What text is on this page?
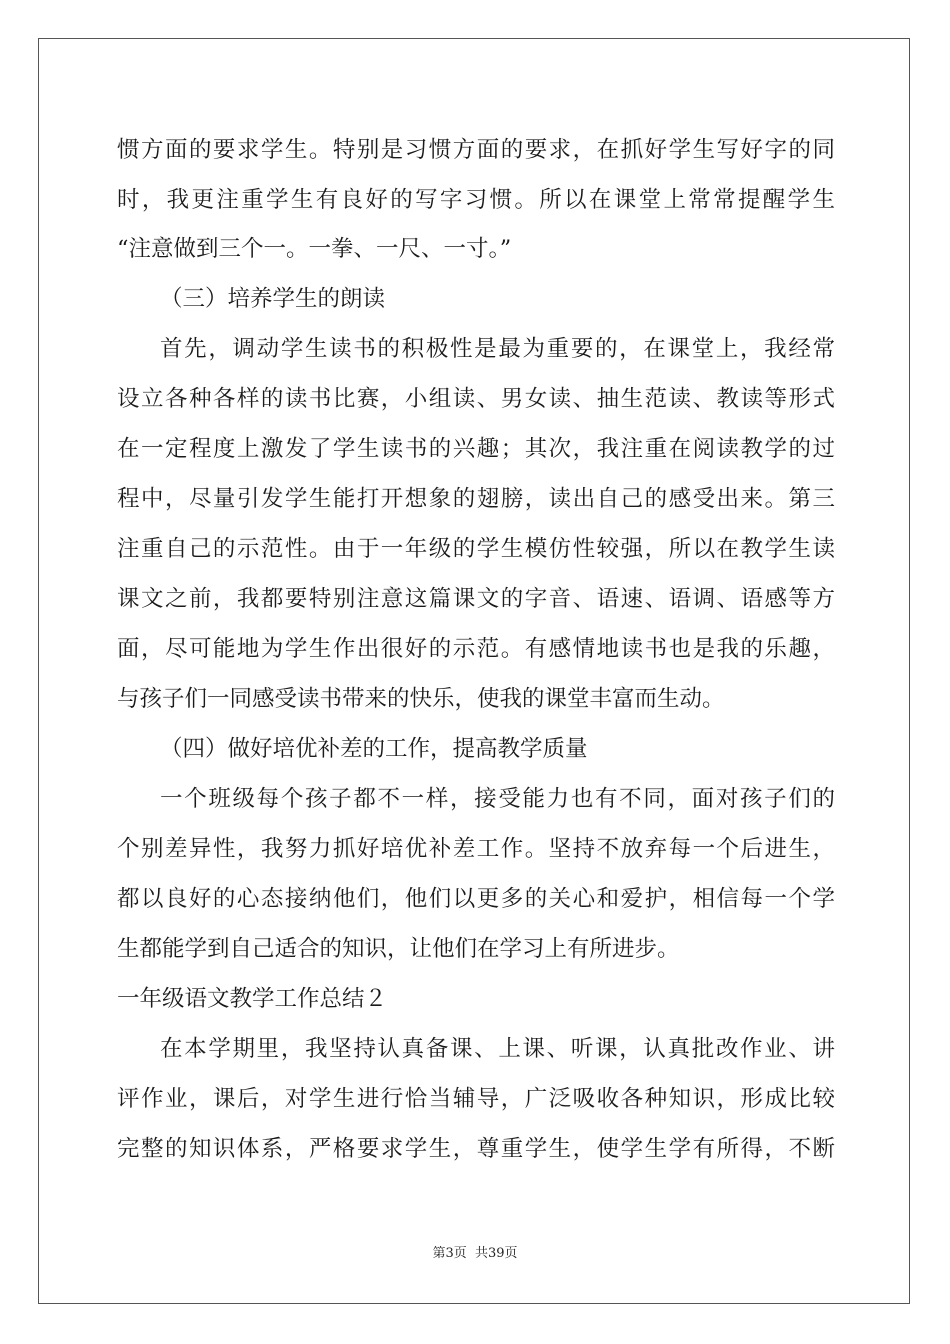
惯方面的要求学生。特别是习惯方面的要求，在抓好学生写好字的同
时，我更注重学生有良好的写字习惯。所以在课堂上常常提醒学生
“注意做到三个一。一拳、一尺、一寸。”
（三）培养学生的朗读
首先，调动学生读书的积极性是最为重要的，在课堂上，我经常
设立各种各样的读书比赛，小组读、男女读、抽生范读、教读等形式
在一定程度上激发了学生读书的兴趣；其次，我注重在阅读教学的过
程中，尽量引发学生能打开想象的翅膀，读出自己的感受出来。第三
注重自己的示范性。由于一年级的学生模仿性较强，所以在教学生读
课文之前，我都要特别注意这篇课文的字音、语速、语调、语感等方
面，尽可能地为学生作出很好的示范。有感情地读书也是我的乐趣，
与孩子们一同感受读书带来的快乐，使我的课堂丰富而生动。
（四）做好培优补差的工作，提高教学质量
一个班级每个孩子都不一样，接受能力也有不同，面对孩子们的
个别差异性，我努力抓好培优补差工作。坚持不放弃每一个后进生，
都以良好的心态接纳他们，他们以更多的关心和爱护，相信每一个学
生都能学到自己适合的知识，让他们在学习上有所进步。
一年级语文教学工作总结２
在本学期里，我坚持认真备课、上课、听课，认真批改作业、讲
评作业，课后，对学生进行恰当辅导，广泛吸收各种知识，形成比较
完整的知识体系，严格要求学生，尊重学生，使学生学有所得，不断
第3页 共39页
